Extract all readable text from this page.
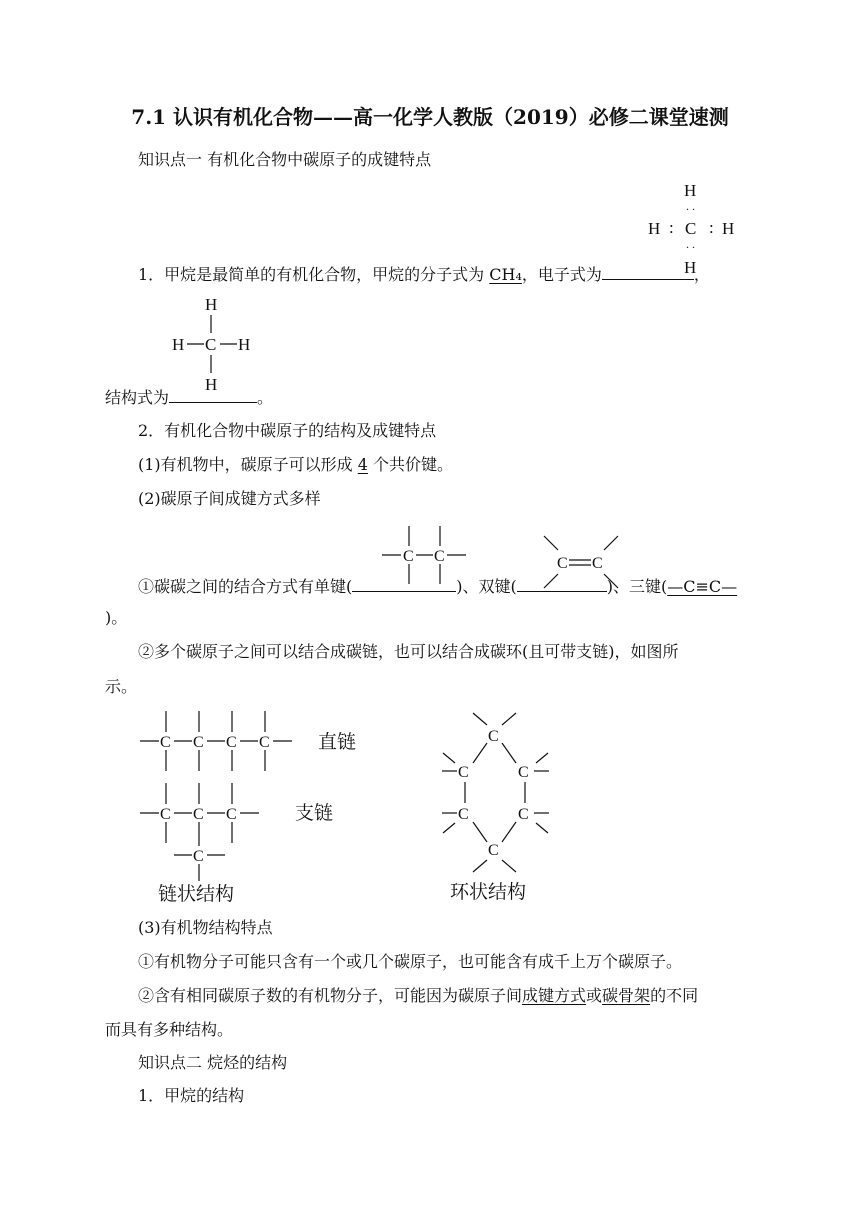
7.1 认识有机化合物——高一化学人教版（2019）必修二课堂速测
知识点一 有机化合物中碳原子的成键特点
H
. .
H : C : H
. .
H
1．甲烷是最简单的有机化合物，甲烷的分子式为 CH₄，电子式为	，
H
H C H
H
结构式为	。
2．有机化合物中碳原子的结构及成键特点
(1)有机物中，碳原子可以形成 4 个共价键。
(2)碳原子间成键方式多样
C C	C C
①碳碳之间的结合方式有单键(	)、双键(	)、三键(—C≡C—
)。
②多个碳原子之间可以结合成碳链，也可以结合成碳环(且可带支链)，如图所
示。
C C C C	直链
C C C
C
支链
链状结构
C
C	C
C	C
C
环状结构
(3)有机物结构特点
①有机物分子可能只含有一个或几个碳原子，也可能含有成千上万个碳原子。
②含有相同碳原子数的有机物分子，可能因为碳原子间成键方式或碳骨架的不同
而具有多种结构。
知识点二 烷烃的结构
1．甲烷的结构
